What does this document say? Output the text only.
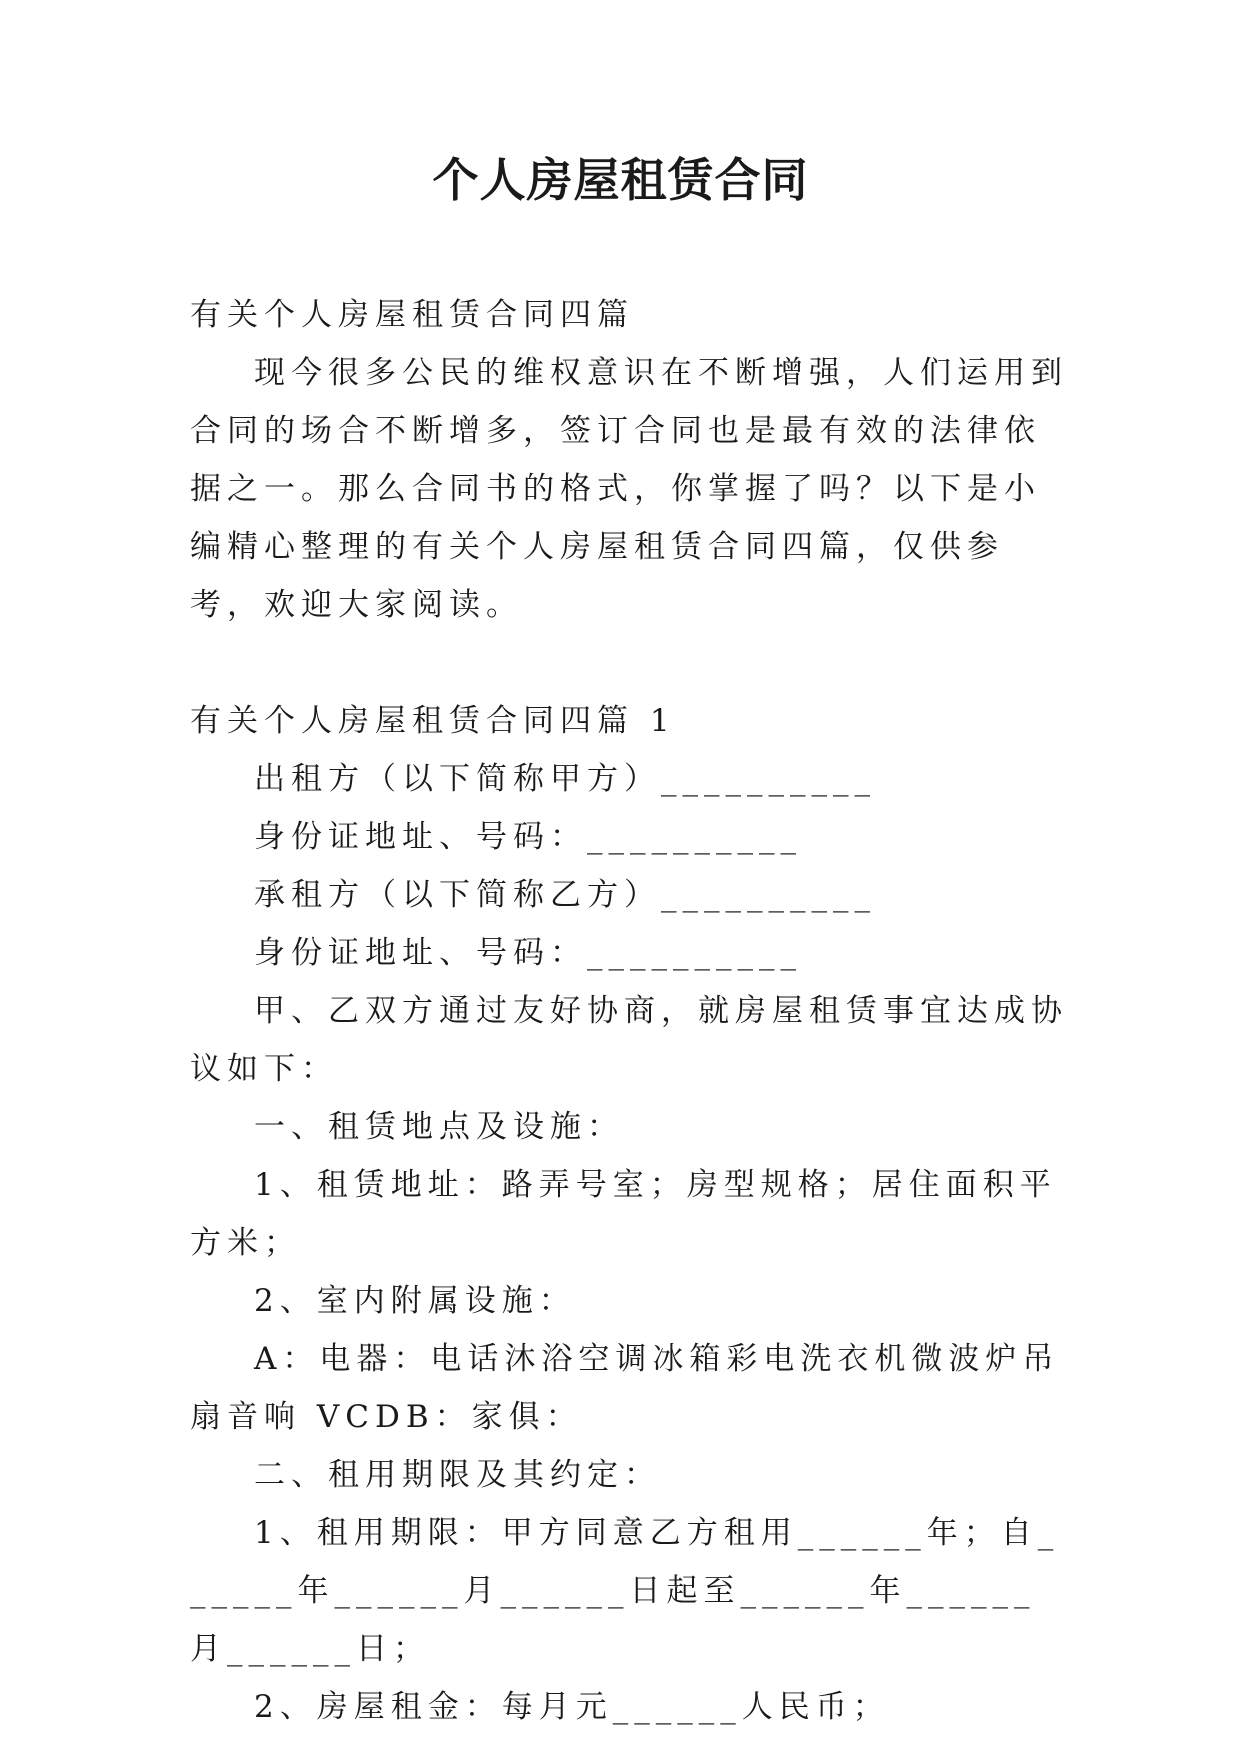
个人房屋租赁合同

有关个人房屋租赁合同四篇

现今很多公民的维权意识在不断增强，人们运用到合同的场合不断增多，签订合同也是最有效的法律依据之一。那么合同书的格式，你掌握了吗？以下是小编精心整理的有关个人房屋租赁合同四篇，仅供参考，欢迎大家阅读。

有关个人房屋租赁合同四篇 1

出租方（以下简称甲方）__________

身份证地址、号码：__________

承租方（以下简称乙方）__________

身份证地址、号码：__________

甲、乙双方通过友好协商，就房屋租赁事宜达成协议如下：

一、租赁地点及设施：

1、租赁地址：路弄号室；房型规格；居住面积平方米；

2、室内附属设施：

A：电器：电话沐浴空调冰箱彩电洗衣机微波炉吊扇音响 VCDB：家俱：

二、租用期限及其约定：

1、租用期限：甲方同意乙方租用______年；自______年______月______日起至______年______月______日；

2、房屋租金：每月元______人民币；
